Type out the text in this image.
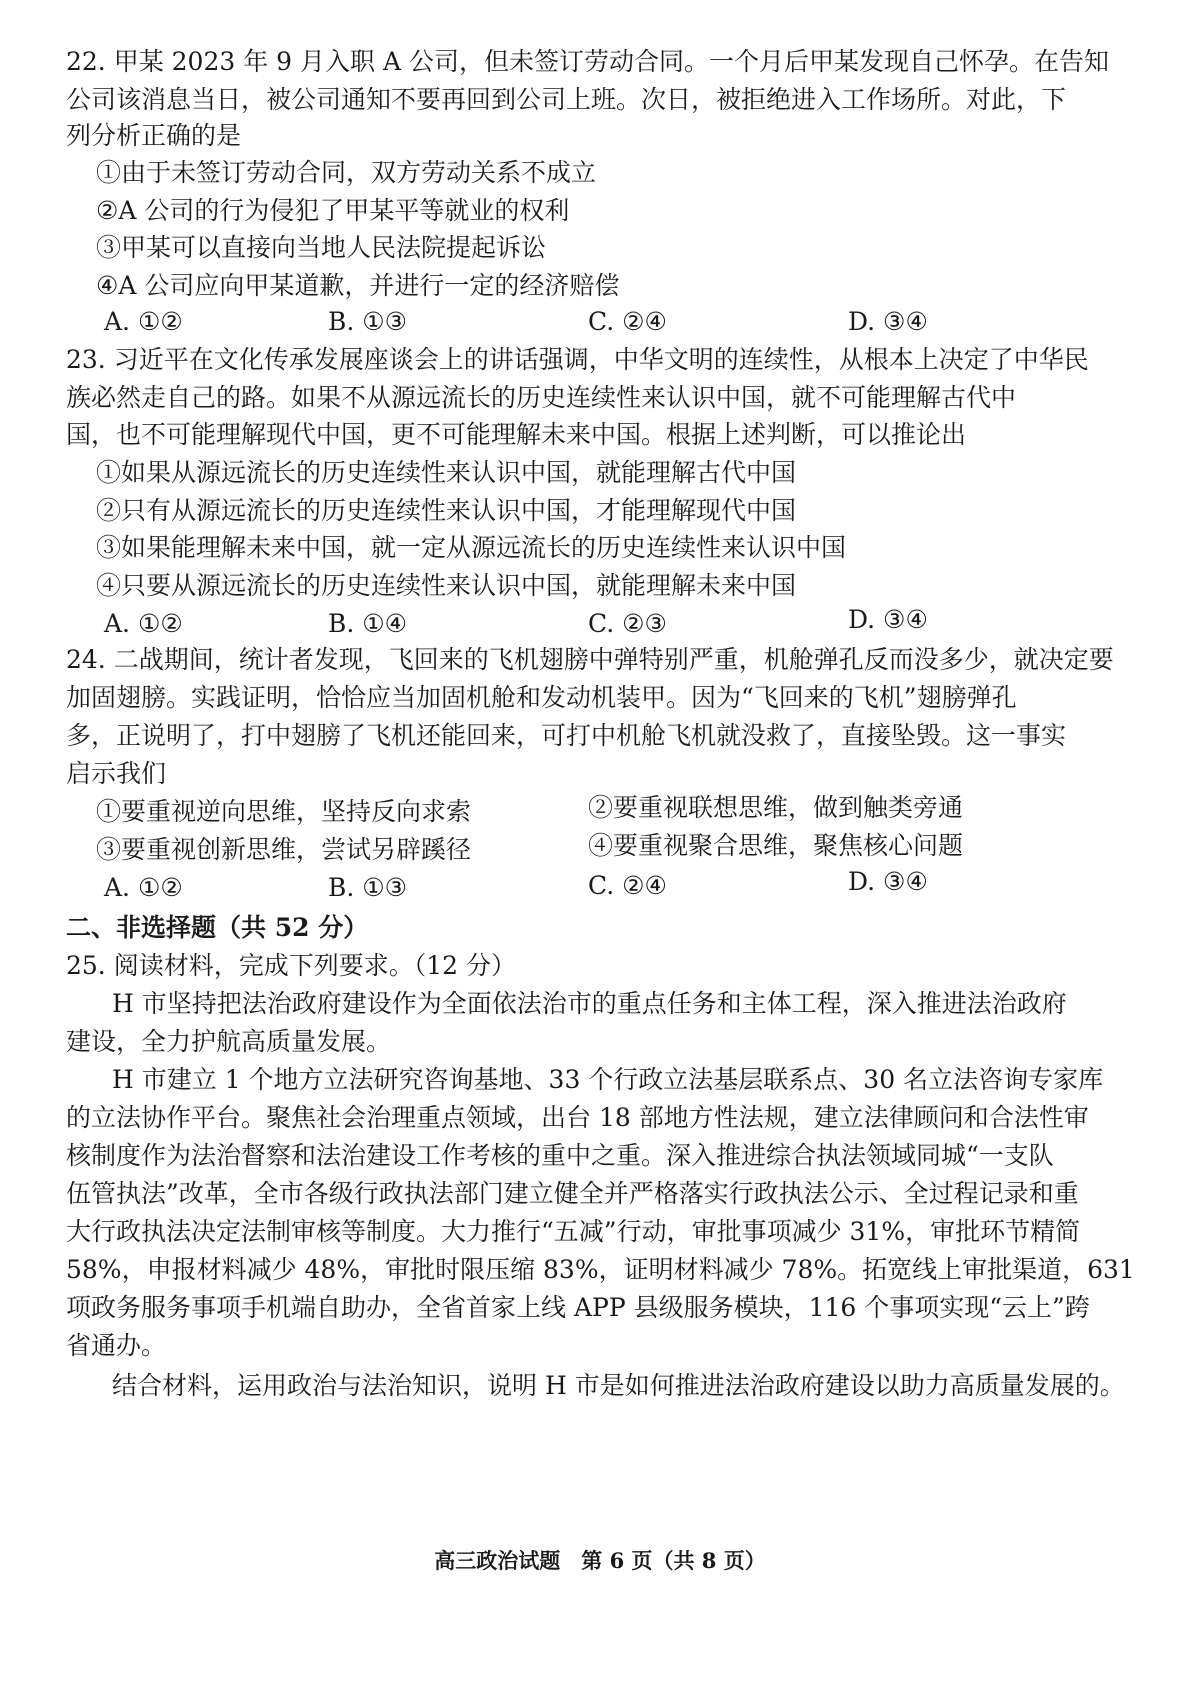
22. 甲某 2023 年 9 月入职 A 公司，但未签订劳动合同。一个月后甲某发现自己怀孕。在告知
公司该消息当日，被公司通知不要再回到公司上班。次日，被拒绝进入工作场所。对此，下
列分析正确的是
①由于未签订劳动合同，双方劳动关系不成立
②A 公司的行为侵犯了甲某平等就业的权利
③甲某可以直接向当地人民法院提起诉讼
④A 公司应向甲某道歉，并进行一定的经济赔偿
A. ①②	B. ①③	C. ②④	D. ③④
23. 习近平在文化传承发展座谈会上的讲话强调，中华文明的连续性，从根本上决定了中华民
族必然走自己的路。如果不从源远流长的历史连续性来认识中国，就不可能理解古代中
国，也不可能理解现代中国，更不可能理解未来中国。根据上述判断，可以推论出
①如果从源远流长的历史连续性来认识中国，就能理解古代中国
②只有从源远流长的历史连续性来认识中国，才能理解现代中国
③如果能理解未来中国，就一定从源远流长的历史连续性来认识中国
④只要从源远流长的历史连续性来认识中国，就能理解未来中国
A. ①②	B. ①④	C. ②③	D. ③④
24. 二战期间，统计者发现，飞回来的飞机翅膀中弹特别严重，机舱弹孔反而没多少，就决定要
加固翅膀。实践证明，恰恰应当加固机舱和发动机装甲。因为“飞回来的飞机”翅膀弹孔
多，正说明了，打中翅膀了飞机还能回来，可打中机舱飞机就没救了，直接坠毁。这一事实
启示我们
①要重视逆向思维，坚持反向求索	②要重视联想思维，做到触类旁通
③要重视创新思维，尝试另辟蹊径	④要重视聚合思维，聚焦核心问题
A. ①②	B. ①③	C. ②④	D. ③④
二、非选择题（共 52 分）
25. 阅读材料，完成下列要求。（12 分）
H 市坚持把法治政府建设作为全面依法治市的重点任务和主体工程，深入推进法治政府
建设，全力护航高质量发展。
H 市建立 1 个地方立法研究咨询基地、33 个行政立法基层联系点、30 名立法咨询专家库
的立法协作平台。聚焦社会治理重点领域，出台 18 部地方性法规，建立法律顾问和合法性审
核制度作为法治督察和法治建设工作考核的重中之重。深入推进综合执法领域同城“一支队
伍管执法”改革，全市各级行政执法部门建立健全并严格落实行政执法公示、全过程记录和重
大行政执法决定法制审核等制度。大力推行“五减”行动，审批事项减少 31%，审批环节精简
58%，申报材料减少 48%，审批时限压缩 83%，证明材料减少 78%。拓宽线上审批渠道，631
项政务服务事项手机端自助办，全省首家上线 APP 县级服务模块，116 个事项实现“云上”跨
省通办。
结合材料，运用政治与法治知识，说明 H 市是如何推进法治政府建设以助力高质量发展的。
高三政治试题　第 6 页（共 8 页）
